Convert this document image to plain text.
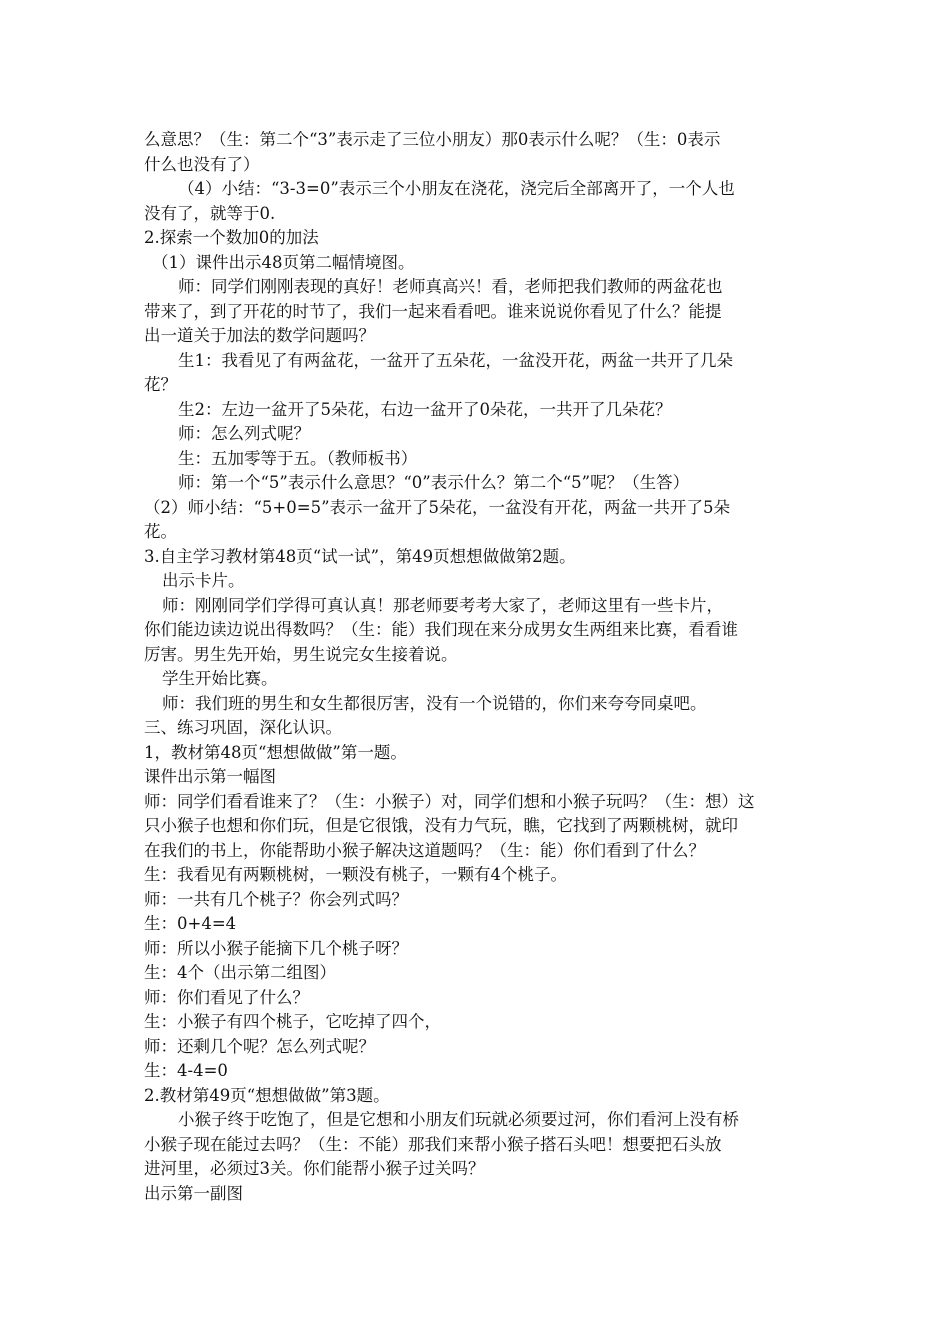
么意思？（生：第二个“3”表示走了三位小朋友）那0表示什么呢？（生：0表示
什么也没有了）
（4）小结：“3-3=0”表示三个小朋友在浇花，浇完后全部离开了，一个人也
没有了，就等于0.
2.探索一个数加0的加法
（1）课件出示48页第二幅情境图。
师：同学们刚刚表现的真好！老师真高兴！看，老师把我们教师的两盆花也
带来了，到了开花的时节了，我们一起来看看吧。谁来说说你看见了什么？能提
出一道关于加法的数学问题吗？
生1：我看见了有两盆花，一盆开了五朵花，一盆没开花，两盆一共开了几朵
花？
生2：左边一盆开了5朵花，右边一盆开了0朵花，一共开了几朵花？
师：怎么列式呢？
生：五加零等于五。（教师板书）
师：第一个“5”表示什么意思？“0”表示什么？第二个“5”呢？（生答）
（2）师小结：“5+0=5”表示一盆开了5朵花，一盆没有开花，两盆一共开了5朵
花。
3.自主学习教材第48页“试一试”，第49页想想做做第2题。
出示卡片。
师：刚刚同学们学得可真认真！那老师要考考大家了，老师这里有一些卡片，
你们能边读边说出得数吗？（生：能）我们现在来分成男女生两组来比赛，看看谁
厉害。男生先开始，男生说完女生接着说。
学生开始比赛。
师：我们班的男生和女生都很厉害，没有一个说错的，你们来夸夸同桌吧。
三、练习巩固，深化认识。
1，教材第48页“想想做做”第一题。
课件出示第一幅图
师：同学们看看谁来了？（生：小猴子）对，同学们想和小猴子玩吗？（生：想）这
只小猴子也想和你们玩，但是它很饿，没有力气玩，瞧，它找到了两颗桃树，就印
在我们的书上，你能帮助小猴子解决这道题吗？（生：能）你们看到了什么？
生：我看见有两颗桃树，一颗没有桃子，一颗有4个桃子。
师：一共有几个桃子？你会列式吗？
生：0+4=4
师：所以小猴子能摘下几个桃子呀？
生：4个（出示第二组图）
师：你们看见了什么？
生：小猴子有四个桃子，它吃掉了四个，
师：还剩几个呢？怎么列式呢？
生：4-4=0
2.教材第49页“想想做做”第3题。
小猴子终于吃饱了，但是它想和小朋友们玩就必须要过河，你们看河上没有桥
小猴子现在能过去吗？（生：不能）那我们来帮小猴子搭石头吧！想要把石头放
进河里，必须过3关。你们能帮小猴子过关吗？
出示第一副图
